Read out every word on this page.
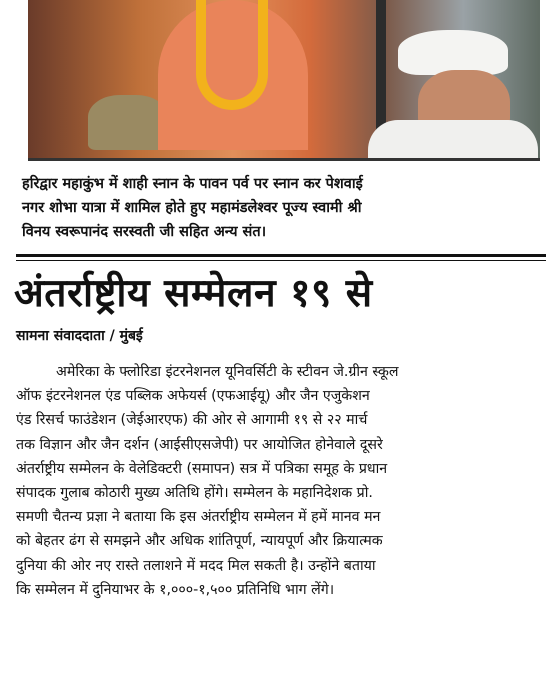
हरिद्वार महाकुंभ में शाही स्नान के पावन पर्व पर स्नान कर पेशवाई
नगर शोभा यात्रा में शामिल होते हुए महामंडलेश्वर पूज्य स्वामी श्री
विनय स्वरूपानंद सरस्वती जी सहित अन्य संत।
अंतर्राष्ट्रीय सम्मेलन १९ से
सामना संवाददाता / मुंबई
अमेरिका के फ्लोरिडा इंटरनेशनल यूनिवर्सिटी के स्टीवन जे.ग्रीन स्कूल
ऑफ इंटरनेशनल एंड पब्लिक अफेयर्स (एफआईयू) और जैन एजुकेशन
एंड रिसर्च फाउंडेशन (जेईआरएफ) की ओर से आगामी १९ से २२ मार्च
तक विज्ञान और जैन दर्शन (आईसीएसजेपी) पर आयोजित होनेवाले दूसरे
अंतर्राष्ट्रीय सम्मेलन के वेलेडिक्टरी (समापन) सत्र में पत्रिका समूह के प्रधान
संपादक गुलाब कोठारी मुख्य अतिथि होंगे। सम्मेलन के महानिदेशक प्रो.
समणी चैतन्य प्रज्ञा ने बताया कि इस अंतर्राष्ट्रीय सम्मेलन में हमें मानव मन
को बेहतर ढंग से समझने और अधिक शांतिपूर्ण, न्यायपूर्ण और क्रियात्मक
दुनिया की ओर नए रास्ते तलाशने में मदद मिल सकती है। उन्होंने बताया
कि सम्मेलन में दुनियाभर के १,०००-१,५०० प्रतिनिधि भाग लेंगे।
